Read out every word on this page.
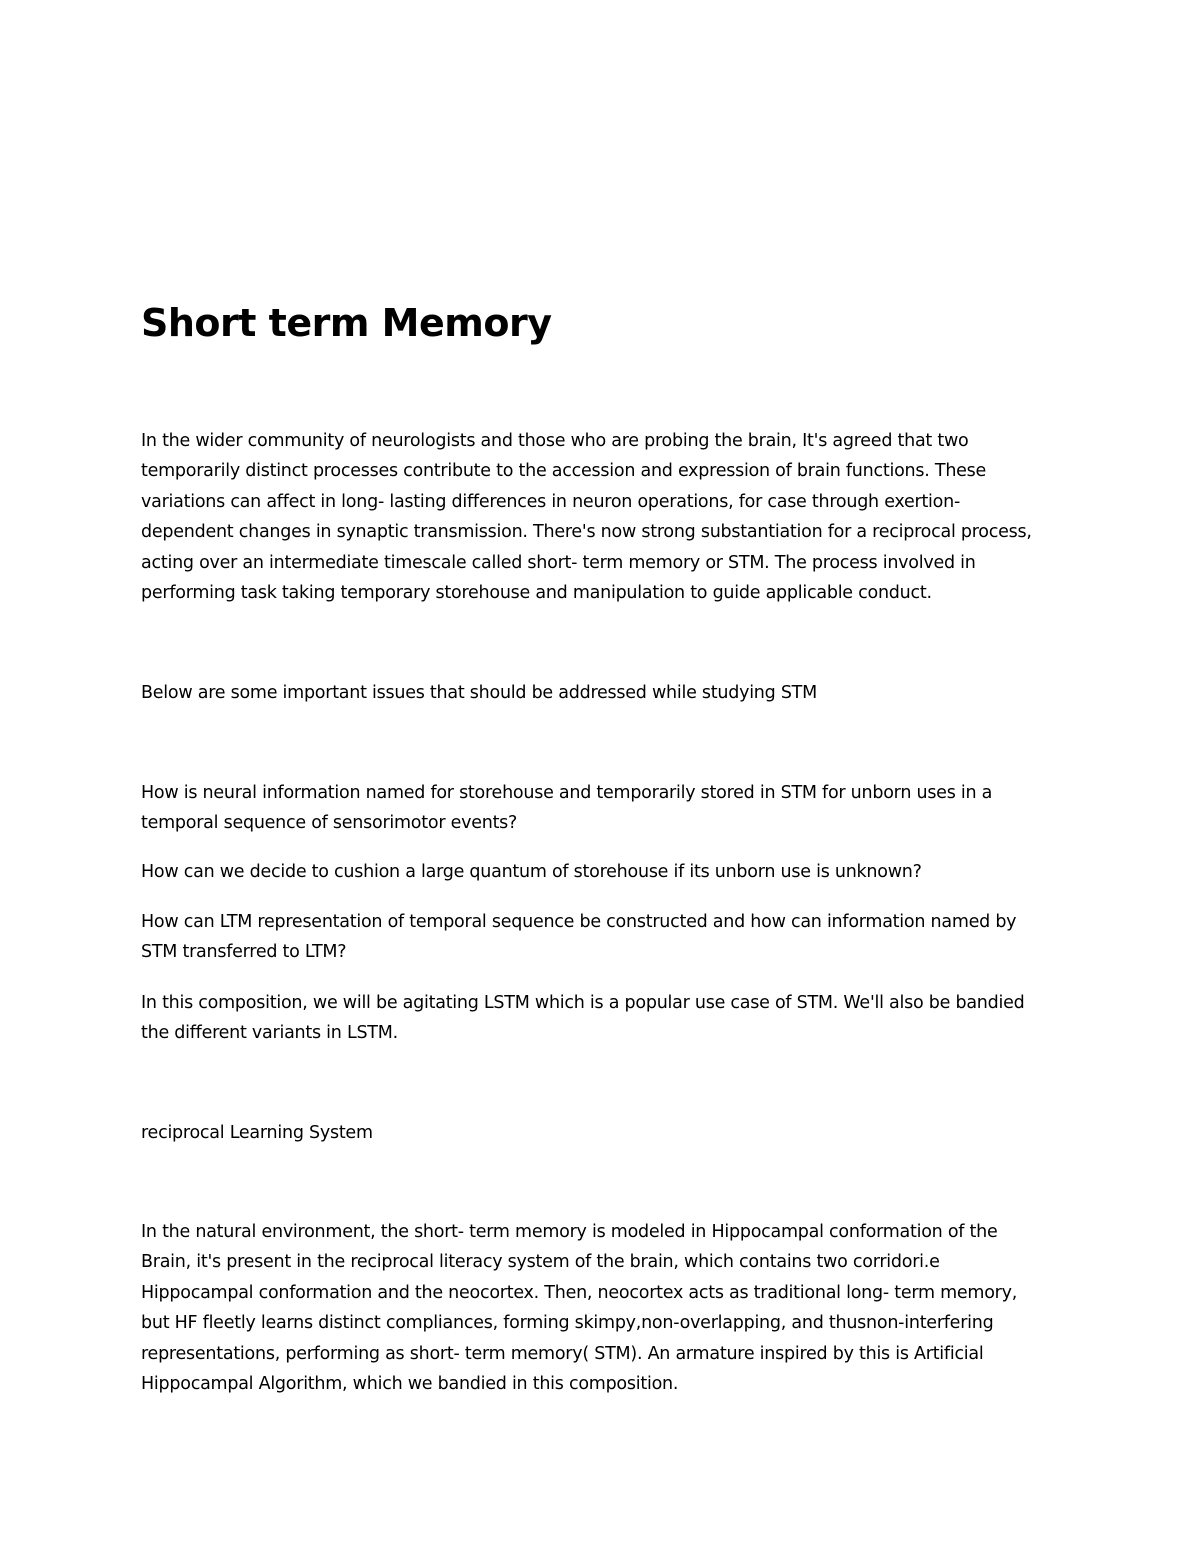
Short term Memory

In the wider community of neurologists and those who are probing the brain, It's agreed that two
temporarily distinct processes contribute to the accession and expression of brain functions. These
variations can affect in long- lasting differences in neuron operations, for case through exertion-
dependent changes in synaptic transmission. There's now strong substantiation for a reciprocal process,
acting over an intermediate timescale called short- term memory or STM. The process involved in
performing task taking temporary storehouse and manipulation to guide applicable conduct.

Below are some important issues that should be addressed while studying STM

How is neural information named for storehouse and temporarily stored in STM for unborn uses in a
temporal sequence of sensorimotor events?

How can we decide to cushion a large quantum of storehouse if its unborn use is unknown?

How can LTM representation of temporal sequence be constructed and how can information named by
STM transferred to LTM?

In this composition, we will be agitating LSTM which is a popular use case of STM. We'll also be bandied
the different variants in LSTM.

reciprocal Learning System

In the natural environment, the short- term memory is modeled in Hippocampal conformation of the
Brain, it's present in the reciprocal literacy system of the brain, which contains two corridori.e
Hippocampal conformation and the neocortex. Then, neocortex acts as traditional long- term memory,
but HF fleetly learns distinct compliances, forming skimpy,non-overlapping, and thusnon-interfering
representations, performing as short- term memory( STM). An armature inspired by this is Artificial
Hippocampal Algorithm, which we bandied in this composition.
